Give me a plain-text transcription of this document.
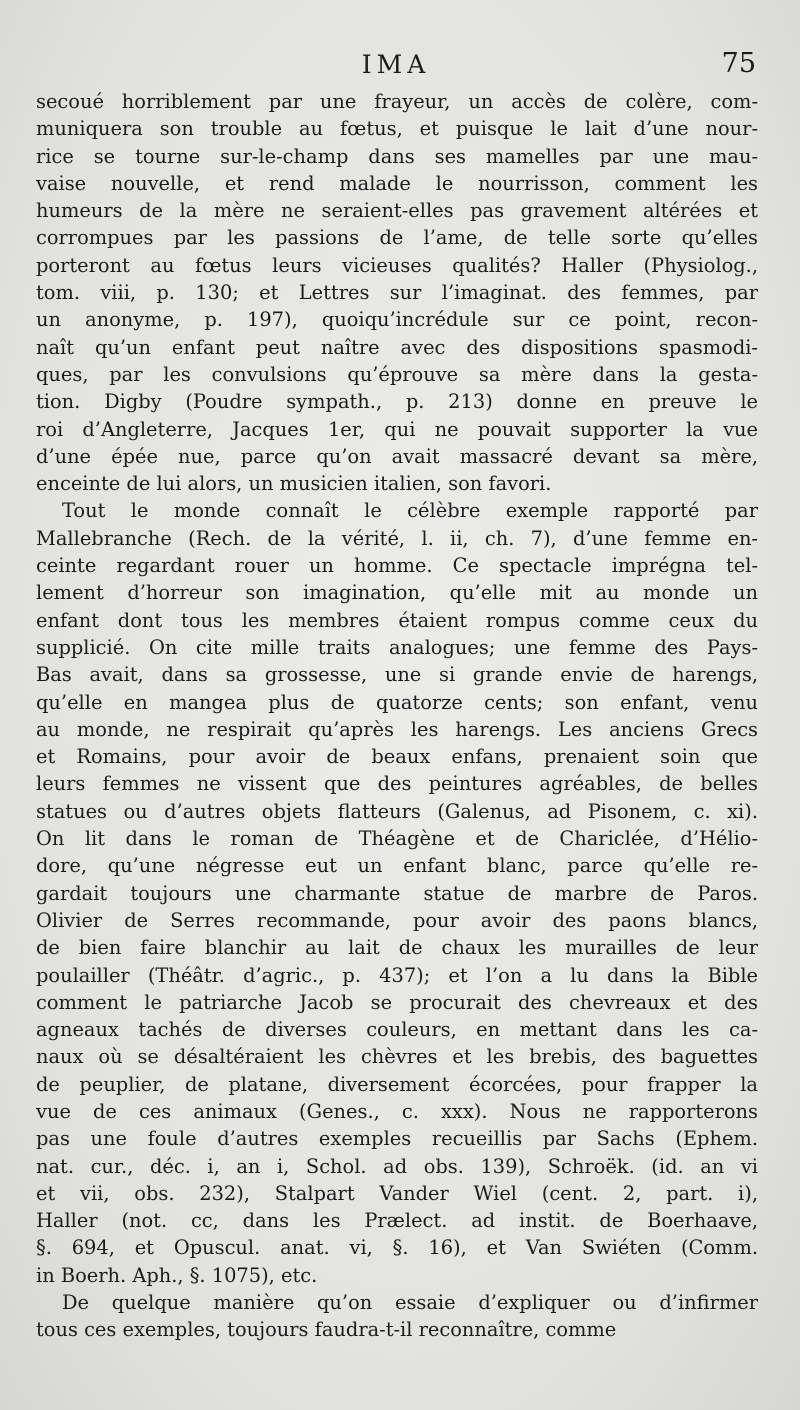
IMA	75
secoué horriblement par une frayeur, un accès de colère, com-
muniquera son trouble au fœtus, et puisque le lait d’une nour-
rice se tourne sur-le-champ dans ses mamelles par une mau-
vaise nouvelle, et rend malade le nourrisson, comment les
humeurs de la mère ne seraient-elles pas gravement altérées et
corrompues par les passions de l’ame, de telle sorte qu’elles
porteront au fœtus leurs vicieuses qualités? Haller (Physiolog.,
tom. viii, p. 130; et Lettres sur l’imaginat. des femmes, par
un anonyme, p. 197), quoiqu’incrédule sur ce point, recon-
naît qu’un enfant peut naître avec des dispositions spasmodi-
ques, par les convulsions qu’éprouve sa mère dans la gesta-
tion. Digby (Poudre sympath., p. 213) donne en preuve le
roi d’Angleterre, Jacques 1er, qui ne pouvait supporter la vue
d’une épée nue, parce qu’on avait massacré devant sa mère,
enceinte de lui alors, un musicien italien, son favori.
Tout le monde connaît le célèbre exemple rapporté par
Mallebranche (Rech. de la vérité, l. ii, ch. 7), d’une femme en-
ceinte regardant rouer un homme. Ce spectacle imprégna tel-
lement d’horreur son imagination, qu’elle mit au monde un
enfant dont tous les membres étaient rompus comme ceux du
supplicié. On cite mille traits analogues; une femme des Pays-
Bas avait, dans sa grossesse, une si grande envie de harengs,
qu’elle en mangea plus de quatorze cents; son enfant, venu
au monde, ne respirait qu’après les harengs. Les anciens Grecs
et Romains, pour avoir de beaux enfans, prenaient soin que
leurs femmes ne vissent que des peintures agréables, de belles
statues ou d’autres objets flatteurs (Galenus, ad Pisonem, c. xi).
On lit dans le roman de Théagène et de Chariclée, d’Hélio-
dore, qu’une négresse eut un enfant blanc, parce qu’elle re-
gardait toujours une charmante statue de marbre de Paros.
Olivier de Serres recommande, pour avoir des paons blancs,
de bien faire blanchir au lait de chaux les murailles de leur
poulailler (Théâtr. d’agric., p. 437); et l’on a lu dans la Bible
comment le patriarche Jacob se procurait des chevreaux et des
agneaux tachés de diverses couleurs, en mettant dans les ca-
naux où se désaltéraient les chèvres et les brebis, des baguettes
de peuplier, de platane, diversement écorcées, pour frapper la
vue de ces animaux (Genes., c. xxx). Nous ne rapporterons
pas une foule d’autres exemples recueillis par Sachs (Ephem.
nat. cur., déc. i, an i, Schol. ad obs. 139), Schroëk. (id. an vi
et vii, obs. 232), Stalpart Vander Wiel (cent. 2, part. i),
Haller (not. cc, dans les Prælect. ad instit. de Boerhaave,
§. 694, et Opuscul. anat. vi, §. 16), et Van Swiéten (Comm.
in Boerh. Aph., §. 1075), etc.
De quelque manière qu’on essaie d’expliquer ou d’infirmer
tous ces exemples, toujours faudra-t-il reconnaître, comme
